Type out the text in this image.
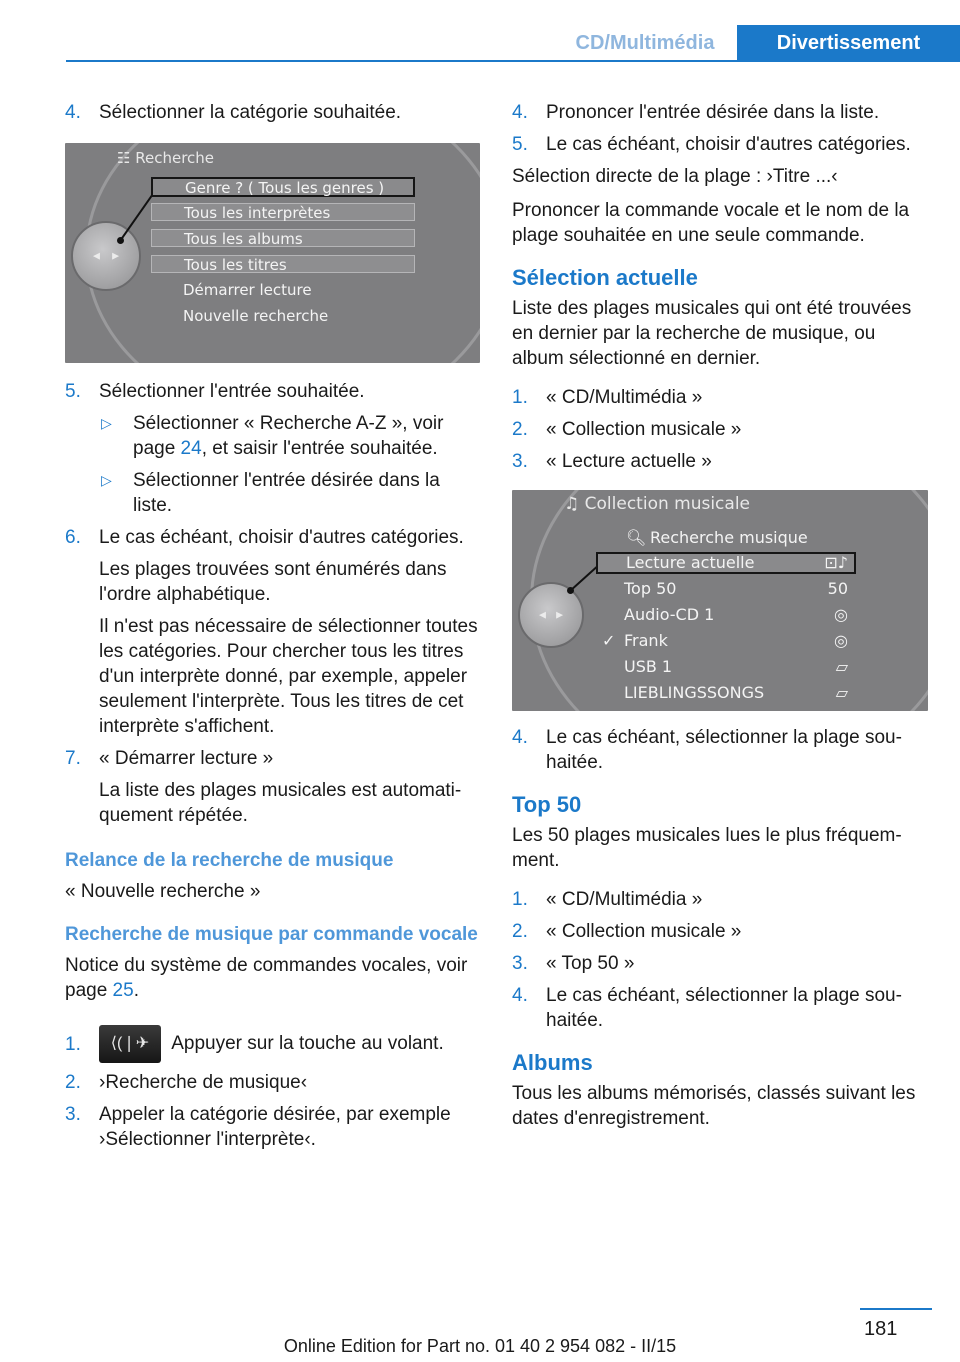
CD/Multimédia	Divertissement
4. Sélectionner la catégorie souhaitée.
◀ ▶
☷ Recherche
Genre ? ( Tous les genres )
Tous les interprètes
Tous les albums
Tous les titres
Démarrer lecture
Nouvelle recherche
5. Sélectionner l'entrée souhaitée.
▷	Sélectionner « Recherche A-Z », voir page 24, et saisir l'entrée souhaitée.
▷	Sélectionner l'entrée désirée dans la liste.
6. Le cas échéant, choisir d'autres catégories.

Les plages trouvées sont énumérés dans l'ordre alphabétique.

Il n'est pas nécessaire de sélectionner toutes les catégories. Pour chercher tous les titres d'un interprète donné, par exemple, appeler seulement l'interprète. Tous les titres de cet interprète s'affichent.

7. « Démarrer lecture »

La liste des plages musicales est automatiquement répétée.

Relance de la recherche de musique

« Nouvelle recherche »

Recherche de musique par commande vocale

Notice du système de commandes vocales, voir page 25.

1.	⟨(❘✈ Appuyer sur la touche au volant.
2. ›Recherche de musique‹
3. Appeler la catégorie désirée, par exemple ›Sélectionner l'interprète‹.
4. Prononcer l'entrée désirée dans la liste.
5. Le cas échéant, choisir d'autres catégories.

Sélection directe de la plage : ›Titre ...‹

Prononcer la commande vocale et le nom de la plage souhaitée en une seule commande.

Sélection actuelle

Liste des plages musicales qui ont été trouvées en dernier par la recherche de musique, ou album sélectionné en dernier.

1. « CD/Multimédia »
2. « Collection musicale »
3. « Lecture actuelle »
◀ ▶
♫ Collection musicale
🔍︎ Recherche musique
Lecture actuelle	⊡♪
Top 50	50
Audio-CD 1	◎
✓ Frank	◎
USB 1	▱
LIEBLINGSSONGS	▱
4. Le cas échéant, sélectionner la plage souhaitée.
Top 50

Les 50 plages musicales lues le plus fréquemment.

1. « CD/Multimédia »
2. « Collection musicale »
3. « Top 50 »
4. Le cas échéant, sélectionner la plage souhaitée.
Albums

Tous les albums mémorisés, classés suivant les dates d'enregistrement.

181
Online Edition for Part no. 01 40 2 954 082 - II/15
